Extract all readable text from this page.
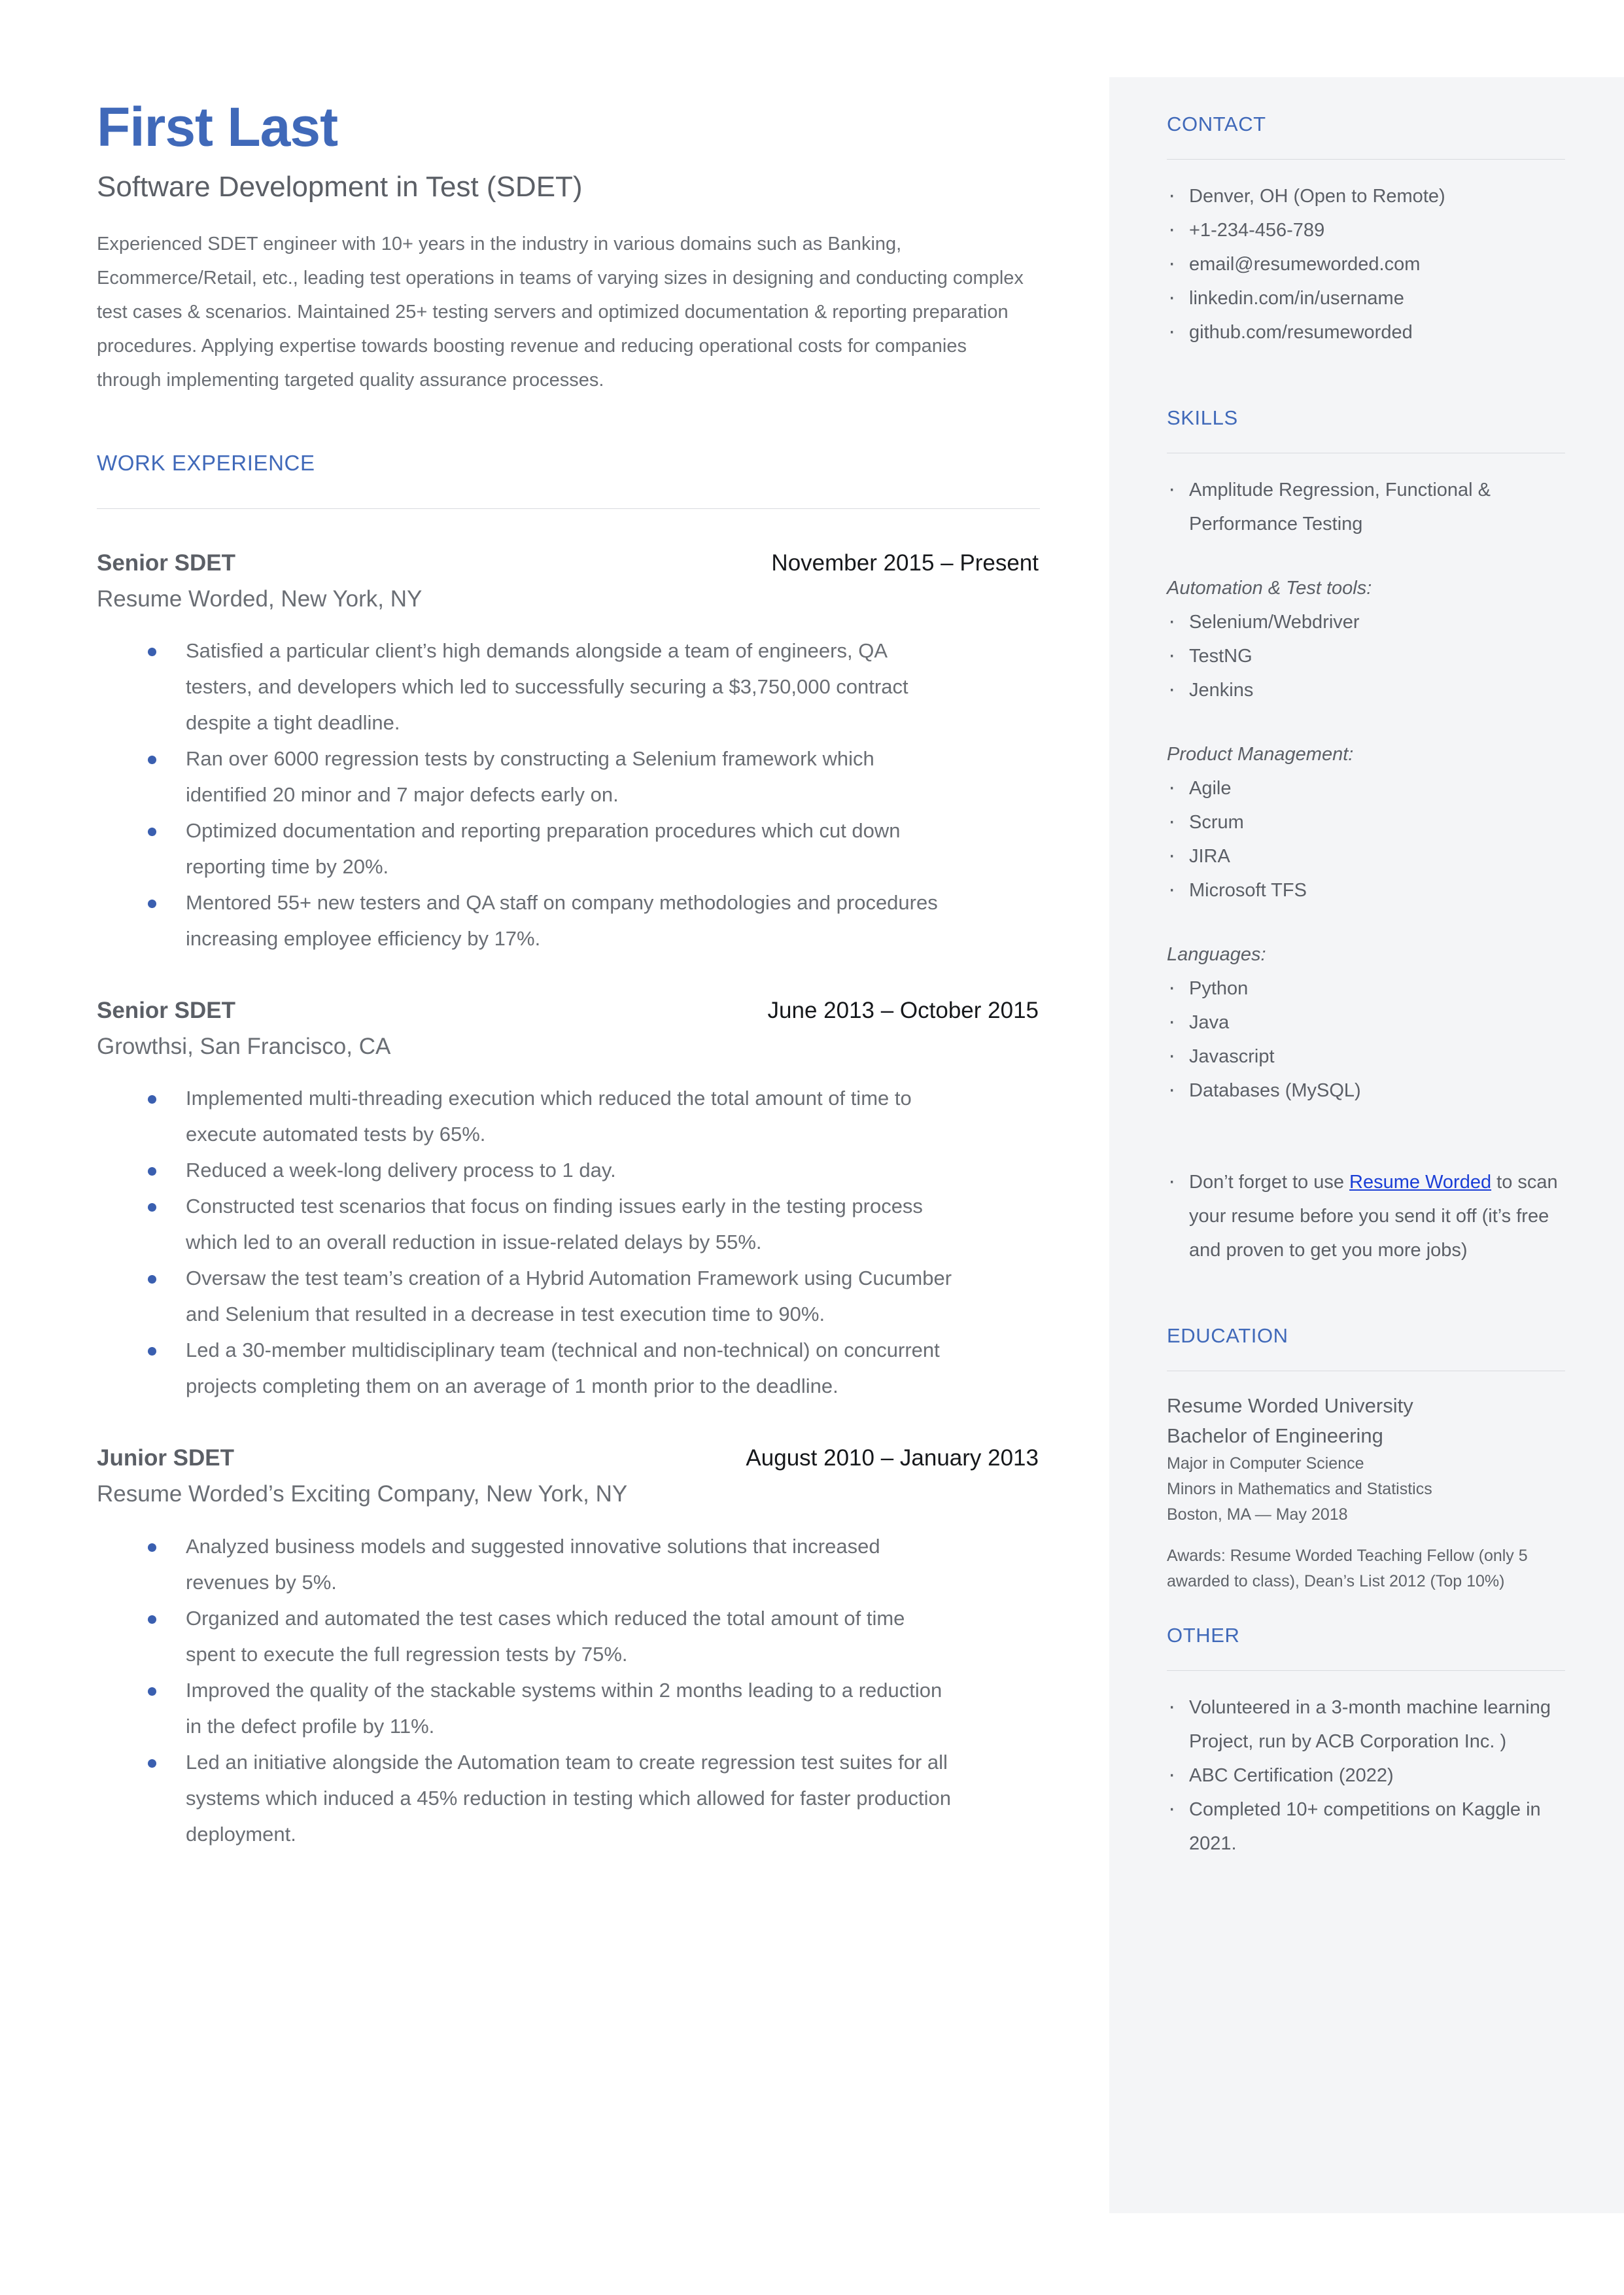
First Last
Software Development in Test (SDET)

Experienced SDET engineer with 10+ years in the industry in various domains such as Banking, Ecommerce/Retail, etc., leading test operations in teams of varying sizes in designing and conducting complex test cases & scenarios. Maintained 25+ testing servers and optimized documentation & reporting preparation procedures. Applying expertise towards boosting revenue and reducing operational costs for companies through implementing targeted quality assurance processes.

WORK EXPERIENCE
Senior SDET	November 2015 – Present
Resume Worded, New York, NY
Satisfied a particular client’s high demands alongside a team of engineers, QA testers, and developers which led to successfully securing a $3,750,000 contract despite a tight deadline.
Ran over 6000 regression tests by constructing a Selenium framework which identified 20 minor and 7 major defects early on.
Optimized documentation and reporting preparation procedures which cut down reporting time by 20%.
Mentored 55+ new testers and QA staff on company methodologies and procedures increasing employee efficiency by 17%.
Senior SDET	June 2013 – October 2015
Growthsi, San Francisco, CA
Implemented multi-threading execution which reduced the total amount of time to execute automated tests by 65%.
Reduced a week-long delivery process to 1 day.
Constructed test scenarios that focus on finding issues early in the testing process which led to an overall reduction in issue-related delays by 55%.
Oversaw the test team’s creation of a Hybrid Automation Framework using Cucumber and Selenium that resulted in a decrease in test execution time to 90%.
Led a 30-member multidisciplinary team (technical and non-technical) on concurrent projects completing them on an average of 1 month prior to the deadline.
Junior SDET	August 2010 – January 2013
Resume Worded’s Exciting Company, New York, NY
Analyzed business models and suggested innovative solutions that increased revenues by 5%.
Organized and automated the test cases which reduced the total amount of time spent to execute the full regression tests by 75%.
Improved the quality of the stackable systems within 2 months leading to a reduction in the defect profile by 11%.
Led an initiative alongside the Automation team to create regression test suites for all systems which induced a 45% reduction in testing which allowed for faster production deployment.
CONTACT
· Denver, OH (Open to Remote)
· +1-234-456-789
· email@resumeworded.com
· linkedin.com/in/username
· github.com/resumeworded
SKILLS
· Amplitude Regression, Functional & Performance Testing
Automation & Test tools:
· Selenium/Webdriver
· TestNG
· Jenkins
Product Management:
· Agile
· Scrum
· JIRA
· Microsoft TFS
Languages:
· Python
· Java
· Javascript
· Databases (MySQL)
· Don’t forget to use Resume Worded to scan your resume before you send it off (it’s free and proven to get you more jobs)
EDUCATION
Resume Worded University
Bachelor of Engineering
Major in Computer Science
Minors in Mathematics and Statistics
Boston, MA — May 2018
Awards: Resume Worded Teaching Fellow (only 5 awarded to class), Dean’s List 2012 (Top 10%)
OTHER
· Volunteered in a 3-month machine learning Project, run by ACB Corporation Inc. )
· ABC Certification (2022)
· Completed 10+ competitions on Kaggle in 2021.
